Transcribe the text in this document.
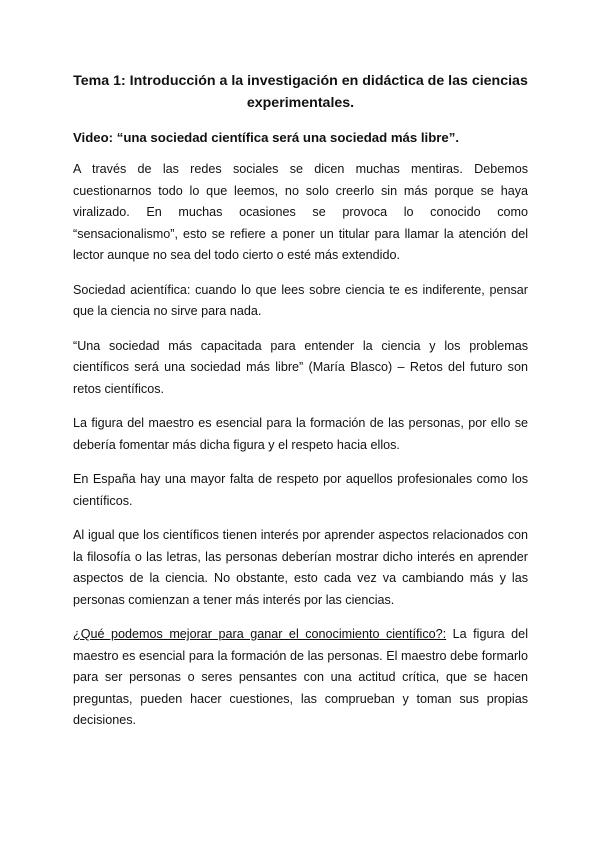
Tema 1: Introducción a la investigación en didáctica de las ciencias experimentales.
Video: “una sociedad científica será una sociedad más libre”.

A través de las redes sociales se dicen muchas mentiras. Debemos cuestionarnos todo lo que leemos, no solo creerlo sin más porque se haya viralizado. En muchas ocasiones se provoca lo conocido como “sensacionalismo”, esto se refiere a poner un titular para llamar la atención del lector aunque no sea del todo cierto o esté más extendido.

Sociedad acientífica: cuando lo que lees sobre ciencia te es indiferente, pensar que la ciencia no sirve para nada.

“Una sociedad más capacitada para entender la ciencia y los problemas científicos será una sociedad más libre” (María Blasco) – Retos del futuro son retos científicos.

La figura del maestro es esencial para la formación de las personas, por ello se debería fomentar más dicha figura y el respeto hacia ellos.

En España hay una mayor falta de respeto por aquellos profesionales como los científicos.

Al igual que los científicos tienen interés por aprender aspectos relacionados con la filosofía o las letras, las personas deberían mostrar dicho interés en aprender aspectos de la ciencia. No obstante, esto cada vez va cambiando más y las personas comienzan a tener más interés por las ciencias.

¿Qué podemos mejorar para ganar el conocimiento científico?: La figura del maestro es esencial para la formación de las personas. El maestro debe formarlo para ser personas o seres pensantes con una actitud crítica, que se hacen preguntas, pueden hacer cuestiones, las comprueban y toman sus propias decisiones.
